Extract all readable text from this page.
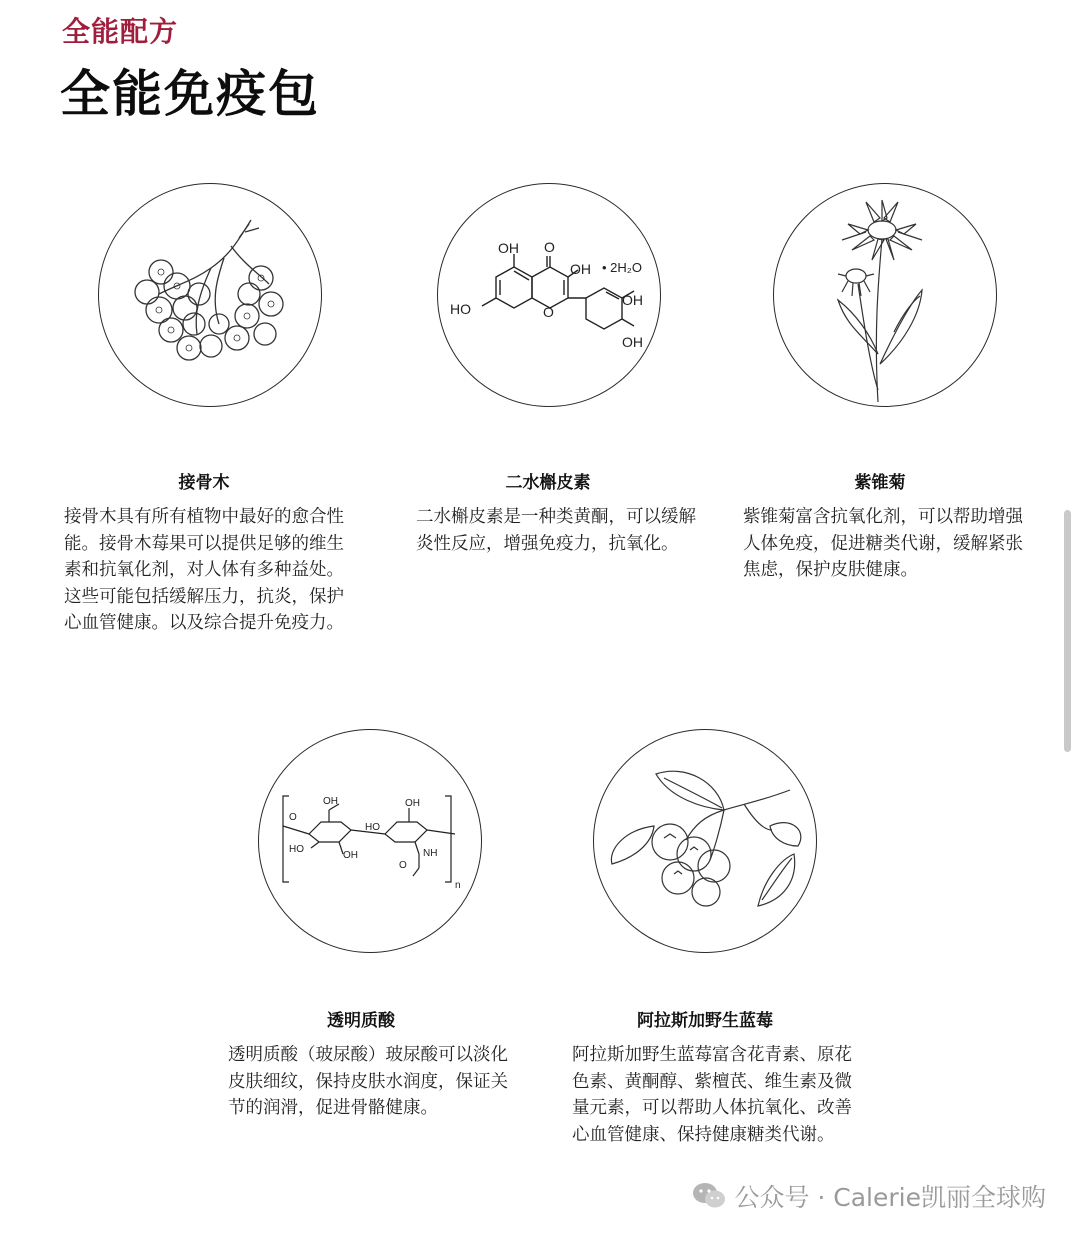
全能配方
全能免疫包
OH O
OH
O
HO
OH
OH
• 2H₂O
OH
O
OH
HO
HO
OH	NH
O
n
接骨木	二水槲皮素	紫锥菊
透明质酸	阿拉斯加野生蓝莓

接骨木具有所有植物中最好的愈合性能。接骨木莓果可以提供足够的维生素和抗氧化剂，对人体有多种益处。这些可能包括缓解压力，抗炎，保护心血管健康。以及综合提升免疫力。

二水槲皮素是一种类黄酮，可以缓解炎性反应，增强免疫力，抗氧化。

紫锥菊富含抗氧化剂，可以帮助增强人体免疫，促进糖类代谢，缓解紧张焦虑，保护皮肤健康。

透明质酸（玻尿酸）玻尿酸可以淡化皮肤细纹，保持皮肤水润度，保证关节的润滑，促进骨骼健康。

阿拉斯加野生蓝莓富含花青素、原花色素、黄酮醇、紫檀芪、维生素及微量元素，可以帮助人体抗氧化、改善心血管健康、保持健康糖类代谢。

公众号 · Calerie凯丽全球购
